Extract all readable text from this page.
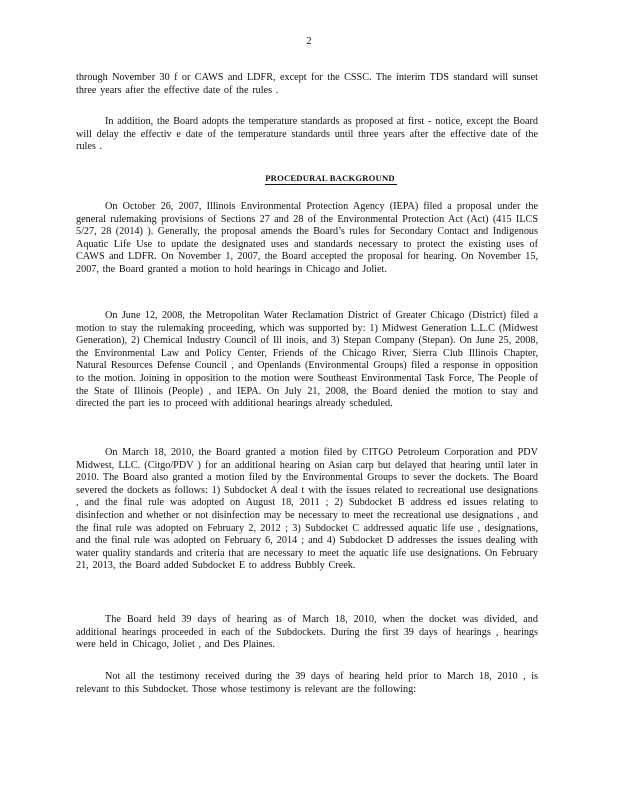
2

through November 30 f or CAWS and LDFR, except for the CSSC. The interim TDS standard will sunset three years after the effective date of the rules .

In addition, the Board adopts the temperature standards as proposed at first - notice, except the Board will delay the effectiv e date of the temperature standards until three years after the effective date of the rules .

PROCEDURAL BACKGROUND

On October 26, 2007, Illinois Environmental Protection Agency (IEPA) filed a proposal under the general rulemaking provisions of Sections 27 and 28 of the Environmental Protection Act (Act) (415 ILCS 5/27, 28 (2014) ). Generally, the proposal amends the Board’s rules for Secondary Contact and Indigenous Aquatic Life Use to update the designated uses and standards necessary to protect the existing uses of CAWS and LDFR. On November 1, 2007, the Board accepted the proposal for hearing. On November 15, 2007, the Board granted a motion to hold hearings in Chicago and Joliet.

On June 12, 2008, the Metropolitan Water Reclamation District of Greater Chicago (District) filed a motion to stay the rulemaking proceeding, which was supported by: 1) Midwest Generation L.L.C (Midwest Generation), 2) Chemical Industry Council of Ill inois, and 3) Stepan Company (Stepan). On June 25, 2008, the Environmental Law and Policy Center, Friends of the Chicago River, Sierra Club Illinois Chapter, Natural Resources Defense Council , and Openlands (Environmental Groups) filed a response in opposition to the motion. Joining in opposition to the motion were Southeast Environmental Task Force, The People of the State of Illinois (People) , and IEPA. On July 21, 2008, the Board denied the motion to stay and directed the part ies to proceed with additional hearings already scheduled.

On March 18, 2010, the Board granted a motion filed by CITGO Petroleum Corporation and PDV Midwest, LLC. (Citgo/PDV ) for an additional hearing on Asian carp but delayed that hearing until later in 2010. The Board also granted a motion filed by the Environmental Groups to sever the dockets. The Board severed the dockets as follows: 1) Subdocket A deal t with the issues related to recreational use designations , and the final rule was adopted on August 18, 2011 ; 2) Subdocket B address ed issues relating to disinfection and whether or not disinfection may be necessary to meet the recreational use designations , and the final rule was adopted on February 2, 2012 ; 3) Subdocket C addressed aquatic life use , designations, and the final rule was adopted on February 6, 2014 ; and 4) Subdocket D addresses the issues dealing with water quality standards and criteria that are necessary to meet the aquatic life use designations. On February 21, 2013, the Board added Subdocket E to address Bubbly Creek.

The Board held 39 days of hearing as of March 18, 2010, when the docket was divided, and additional hearings proceeded in each of the Subdockets. During the first 39 days of hearings , hearings were held in Chicago, Joliet , and Des Plaines.

Not all the testimony received during the 39 days of hearing held prior to March 18, 2010 , is relevant to this Subdocket. Those whose testimony is relevant are the following:
